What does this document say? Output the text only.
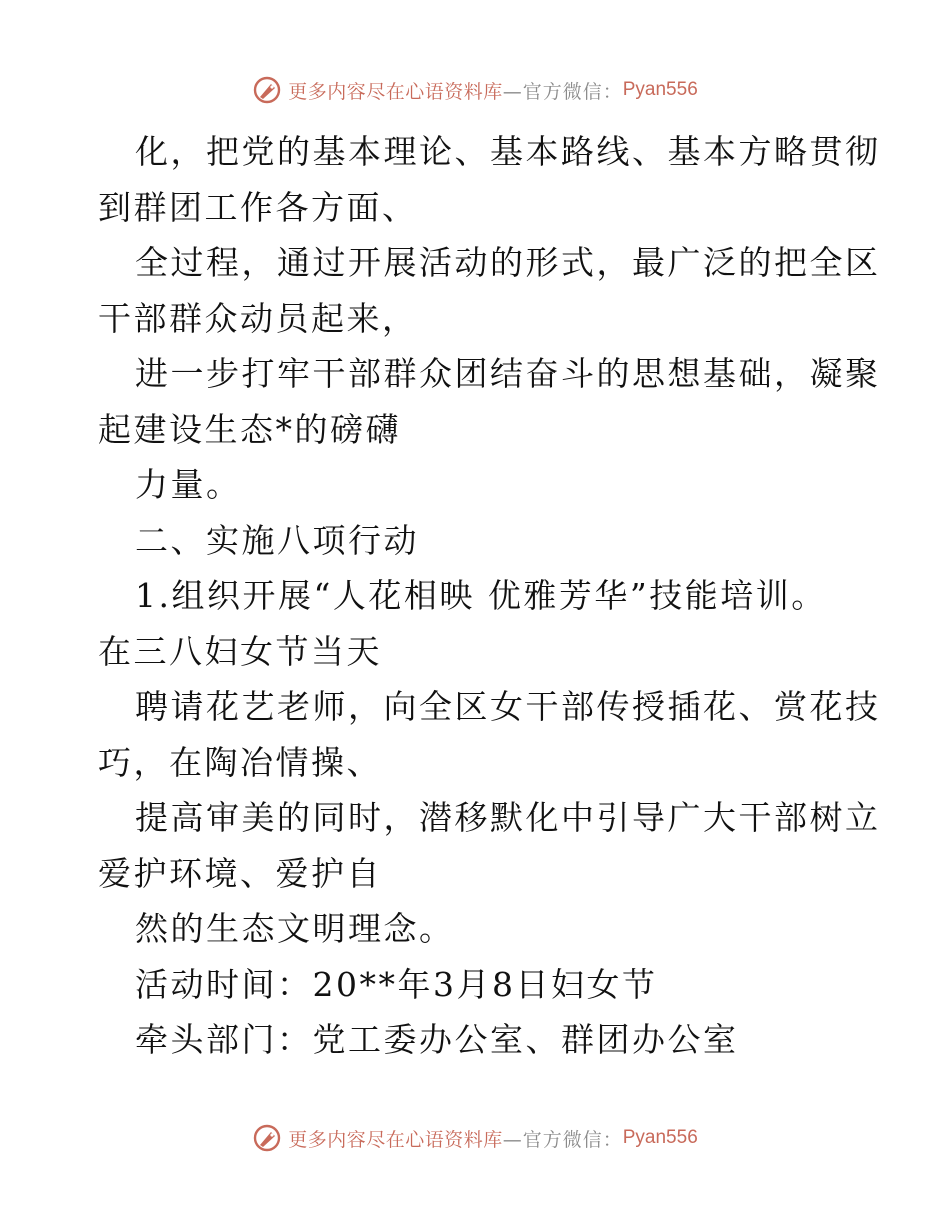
更多内容尽在心语资料库 —官方微信： Pyan556
化，把党的基本理论、基本路线、基本方略贯彻
到群团工作各方面、
全过程，通过开展活动的形式，最广泛的把全区
干部群众动员起来，
进一步打牢干部群众团结奋斗的思想基础，凝聚
起建设生态*的磅礴
力量。
二、实施八项行动
1.组织开展“人花相映 优雅芳华”技能培训。
在三八妇女节当天
聘请花艺老师，向全区女干部传授插花、赏花技
巧，在陶冶情操、
提高审美的同时，潜移默化中引导广大干部树立
爱护环境、爱护自
然的生态文明理念。
活动时间：20**年3月8日妇女节
牵头部门：党工委办公室、群团办公室
更多内容尽在心语资料库 —官方微信： Pyan556
